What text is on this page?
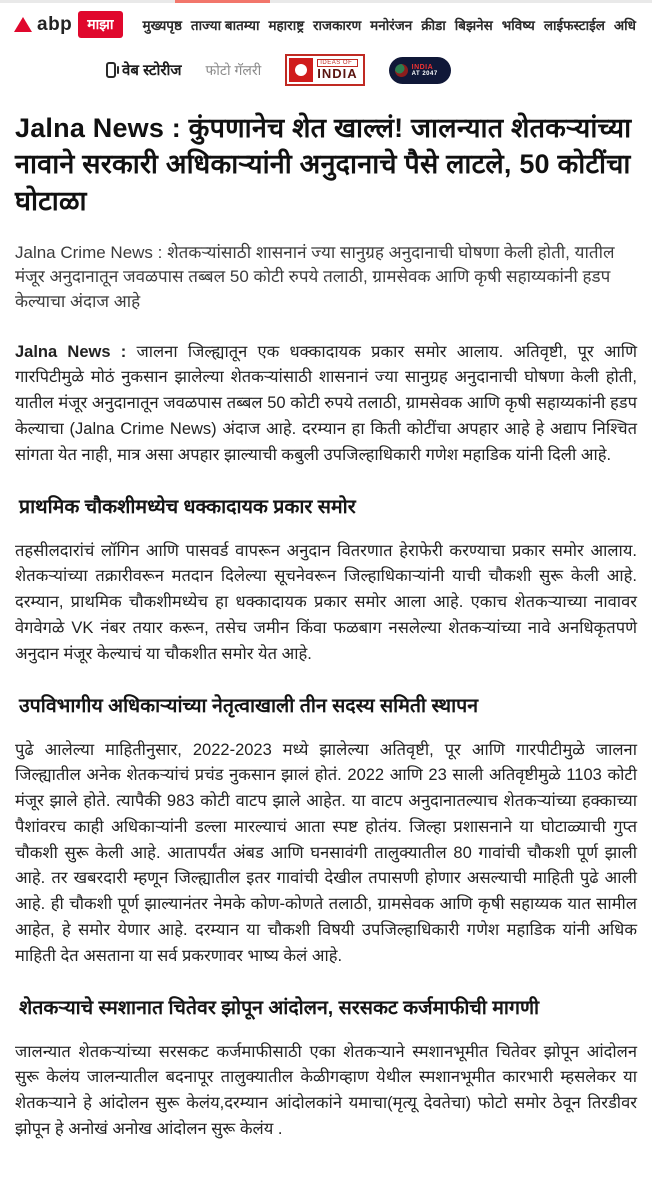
abp	माझा	मुख्यपृष्ठ ताज्या बातम्या महाराष्ट्र राजकारण मनोरंजन क्रीडा बिझनेस भविष्य लाईफस्टाईल अधि
वेब स्टोरीज फोटो गॅलरी	IDEAS OF
INDIA	INDIA
AT 2047
Jalna News : कुंपणानेच शेत खाल्लं! जालन्यात शेतकऱ्यांच्या नावाने सरकारी अधिकाऱ्यांनी अनुदानाचे पैसे लाटले, 50 कोटींचा घोटाळा
Jalna Crime News : शेतकऱ्यांसाठी शासनानं ज्या सानुग्रह अनुदानाची घोषणा केली होती, यातील मंजूर अनुदानातून जवळपास तब्बल 50 कोटी रुपये तलाठी, ग्रामसेवक आणि कृषी सहाय्यकांनी हडप केल्याचा अंदाज आहे

Jalna News : जालना जिल्ह्यातून एक धक्कादायक प्रकार समोर आलाय. अतिवृष्टी, पूर आणि गारपिटीमुळे मोठं नुकसान झालेल्या शेतकऱ्यांसाठी शासनानं ज्या सानुग्रह अनुदानाची घोषणा केली होती, यातील मंजूर अनुदानातून जवळपास तब्बल 50 कोटी रुपये तलाठी, ग्रामसेवक आणि कृषी सहाय्यकांनी हडप केल्याचा (Jalna Crime News) अंदाज आहे. दरम्यान हा किती कोटींचा अपहार आहे हे अद्याप निश्चित सांगता येत नाही, मात्र असा अपहार झाल्याची कबुली उपजिल्हाधिकारी गणेश महाडिक यांनी दिली आहे.

प्राथमिक चौकशीमध्येच धक्कादायक प्रकार समोर

तहसीलदारांचं लॉगिन आणि पासवर्ड वापरून अनुदान वितरणात हेराफेरी करण्याचा प्रकार समोर आलाय. शेतकऱ्यांच्या तक्रारीवरून मतदान दिलेल्या सूचनेवरून जिल्हाधिकाऱ्यांनी याची चौकशी सुरू केली आहे. दरम्यान, प्राथमिक चौकशीमध्येच हा धक्कादायक प्रकार समोर आला आहे. एकाच शेतकऱ्याच्या नावावर वेगवेगळे VK नंबर तयार करून, तसेच जमीन किंवा फळबाग नसलेल्या शेतकऱ्यांच्या नावे अनधिकृतपणे अनुदान मंजूर केल्याचं या चौकशीत समोर येत आहे.

उपविभागीय अधिकाऱ्यांच्या नेतृत्वाखाली तीन सदस्य समिती स्थापन

पुढे आलेल्या माहितीनुसार, 2022-2023 मध्ये झालेल्या अतिवृष्टी, पूर आणि गारपीटीमुळे जालना जिल्ह्यातील अनेक शेतकऱ्यांचं प्रचंड नुकसान झालं होतं. 2022 आणि 23 साली अतिवृष्टीमुळे 1103 कोटी मंजूर झाले होते. त्यापैकी 983 कोटी वाटप झाले आहेत. या वाटप अनुदानातल्याच शेतकऱ्यांच्या हक्काच्या पैशांवरच काही अधिकाऱ्यांनी डल्ला मारल्याचं आता स्पष्ट होतंय. जिल्हा प्रशासनाने या घोटाळ्याची गुप्त चौकशी सुरू केली आहे. आतापर्यंत अंबड आणि घनसावंगी तालुक्यातील 80 गावांची चौकशी पूर्ण झाली आहे. तर खबरदारी म्हणून जिल्ह्यातील इतर गावांची देखील तपासणी होणार असल्याची माहिती पुढे आली आहे. ही चौकशी पूर्ण झाल्यानंतर नेमके कोण-कोणते तलाठी, ग्रामसेवक आणि कृषी सहाय्यक यात सामील आहेत, हे समोर येणार आहे. दरम्यान या चौकशी विषयी उपजिल्हाधिकारी गणेश महाडिक यांनी अधिक माहिती देत असताना या सर्व प्रकरणावर भाष्य केलं आहे.

शेतकऱ्याचे स्मशानात चितेवर झोपून आंदोलन, सरसकट कर्जमाफीची मागणी

जालन्यात शेतकऱ्यांच्या सरसकट कर्जमाफीसाठी एका शेतकऱ्याने स्मशानभूमीत चितेवर झोपून आंदोलन सुरू केलंय जालन्यातील बदनापूर तालुक्यातील केळीगव्हाण येथील स्मशानभूमीत कारभारी म्हसलेकर या शेतकऱ्याने हे आंदोलन सुरू केलंय,दरम्यान आंदोलकांने यमाचा(मृत्यू देवतेचा) फोटो समोर ठेवून तिरडीवर झोपून हे अनोखं अनोख आंदोलन सुरू केलंय .
